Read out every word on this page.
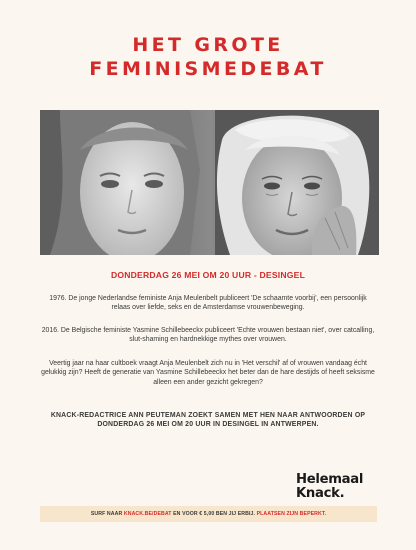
HET GROTE
FEMINISMEDEBAT
DONDERDAG 26 MEI OM 20 UUR - DESINGEL
1976. De jonge Nederlandse feministe Anja Meulenbelt publiceert 'De schaamte voorbij', een persoonlijk relaas over liefde, seks en de Amsterdamse vrouwenbeweging.
2016. De Belgische feministe Yasmine Schillebeeckx publiceert 'Echte vrouwen bestaan niet', over catcalling, slut-shaming en hardnekkige mythes over vrouwen.
Veertig jaar na haar cultboek vraagt Anja Meulenbelt zich nu in 'Het verschil' af of vrouwen vandaag écht gelukkig zijn? Heeft de generatie van Yasmine Schillebeeckx het beter dan de hare destijds of heeft seksisme alleen een ander gezicht gekregen?
KNACK-REDACTRICE ANN PEUTEMAN ZOEKT SAMEN MET HEN NAAR ANTWOORDEN OP DONDERDAG 26 MEI OM 20 UUR IN DESINGEL IN ANTWERPEN.
Helemaal
Knack.
SURF NAAR KNACK.BE/DEBAT EN VOOR € 5,00 BEN JIJ ERBIJ. PLAATSEN ZIJN BEPERKT.
